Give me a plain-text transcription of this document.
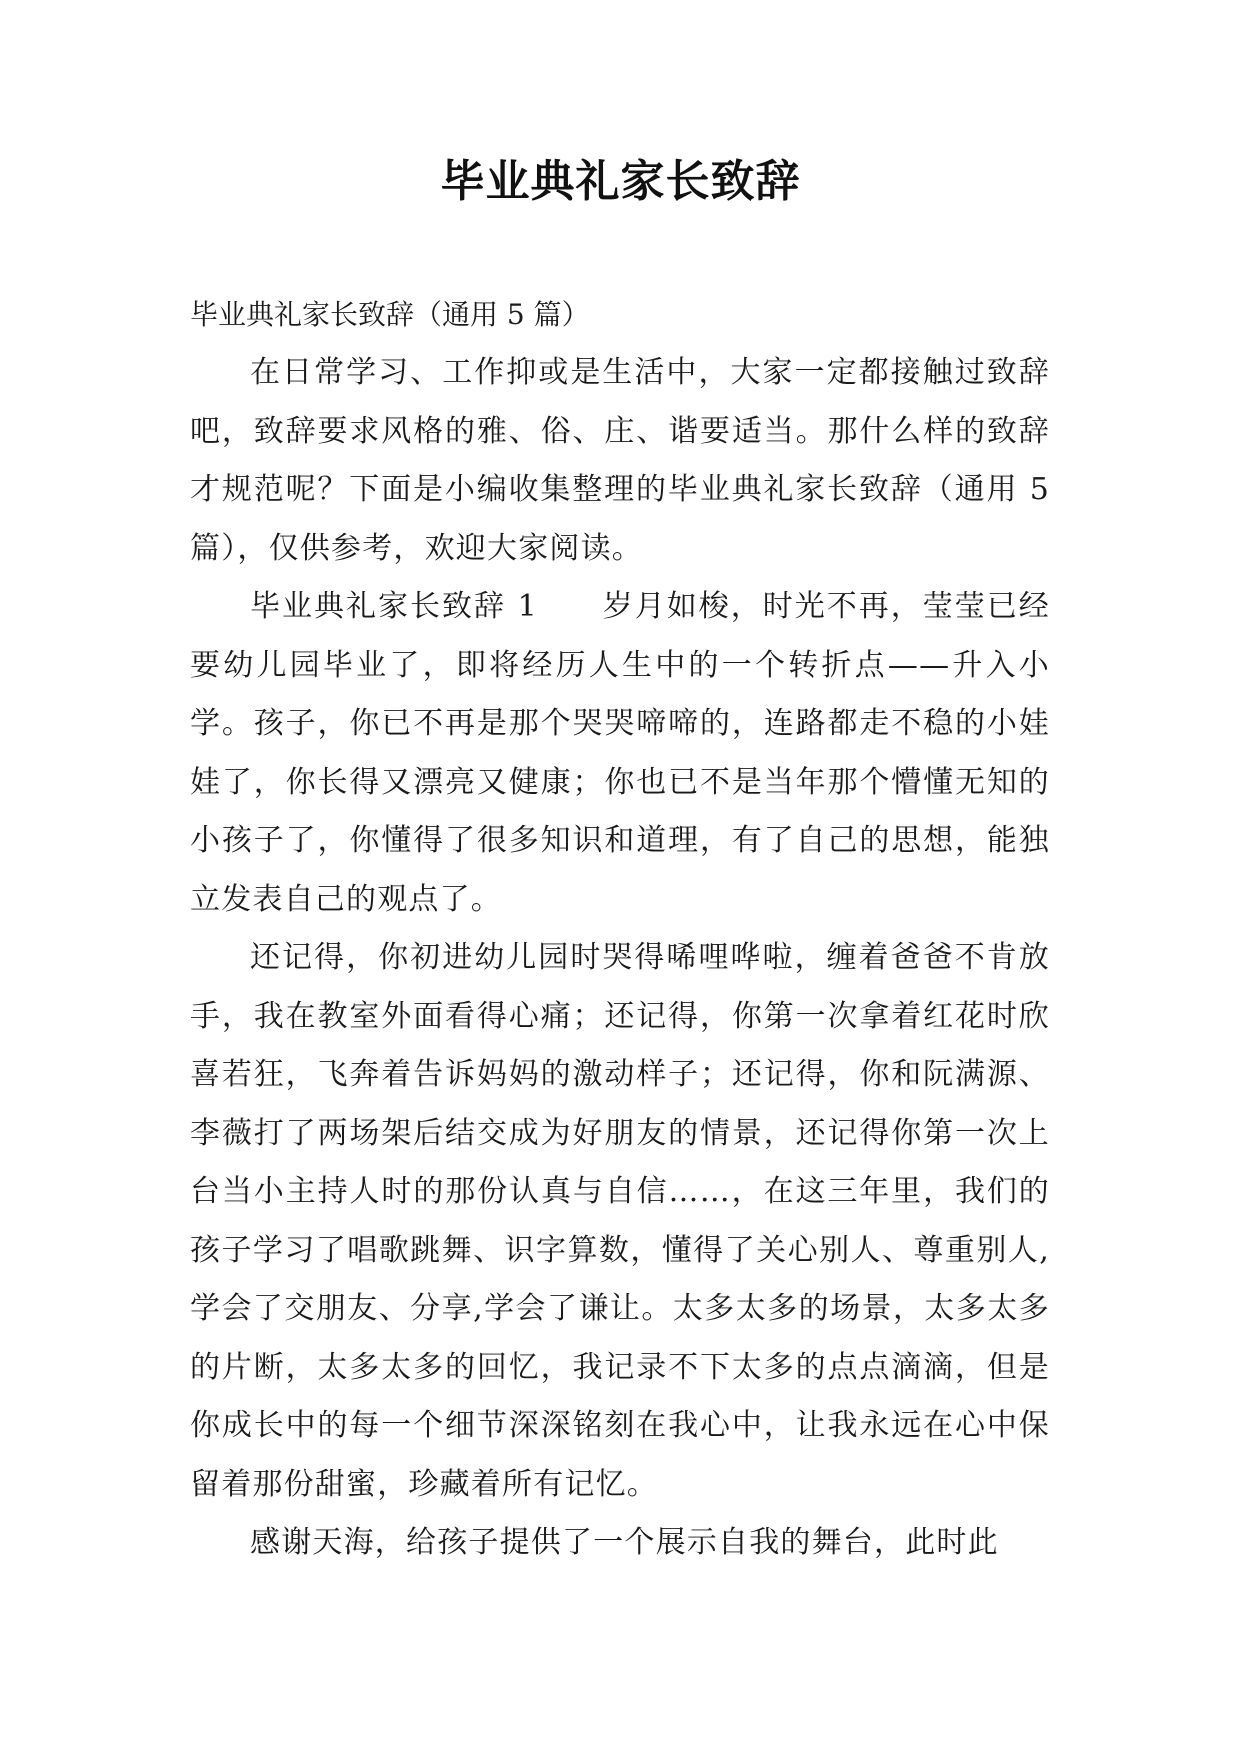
毕业典礼家长致辞

毕业典礼家长致辞（通用 5 篇）

在日常学习、工作抑或是生活中，大家一定都接触过致辞吧，致辞要求风格的雅、俗、庄、谐要适当。那什么样的致辞才规范呢？下面是小编收集整理的毕业典礼家长致辞（通用 5 篇），仅供参考，欢迎大家阅读。

毕业典礼家长致辞 1　　岁月如梭，时光不再，莹莹已经要幼儿园毕业了，即将经历人生中的一个转折点——升入小学。孩子，你已不再是那个哭哭啼啼的，连路都走不稳的小娃娃了，你长得又漂亮又健康；你也已不是当年那个懵懂无知的小孩子了，你懂得了很多知识和道理，有了自己的思想，能独立发表自己的观点了。

还记得，你初进幼儿园时哭得唏哩哗啦，缠着爸爸不肯放手，我在教室外面看得心痛；还记得，你第一次拿着红花时欣喜若狂，飞奔着告诉妈妈的激动样子；还记得，你和阮满源、李薇打了两场架后结交成为好朋友的情景，还记得你第一次上台当小主持人时的那份认真与自信……，在这三年里，我们的孩子学习了唱歌跳舞、识字算数，懂得了关心别人、尊重别人,学会了交朋友、分享,学会了谦让。太多太多的场景，太多太多的片断，太多太多的回忆，我记录不下太多的点点滴滴，但是你成长中的每一个细节深深铭刻在我心中，让我永远在心中保留着那份甜蜜，珍藏着所有记忆。

感谢天海，给孩子提供了一个展示自我的舞台，此时此
